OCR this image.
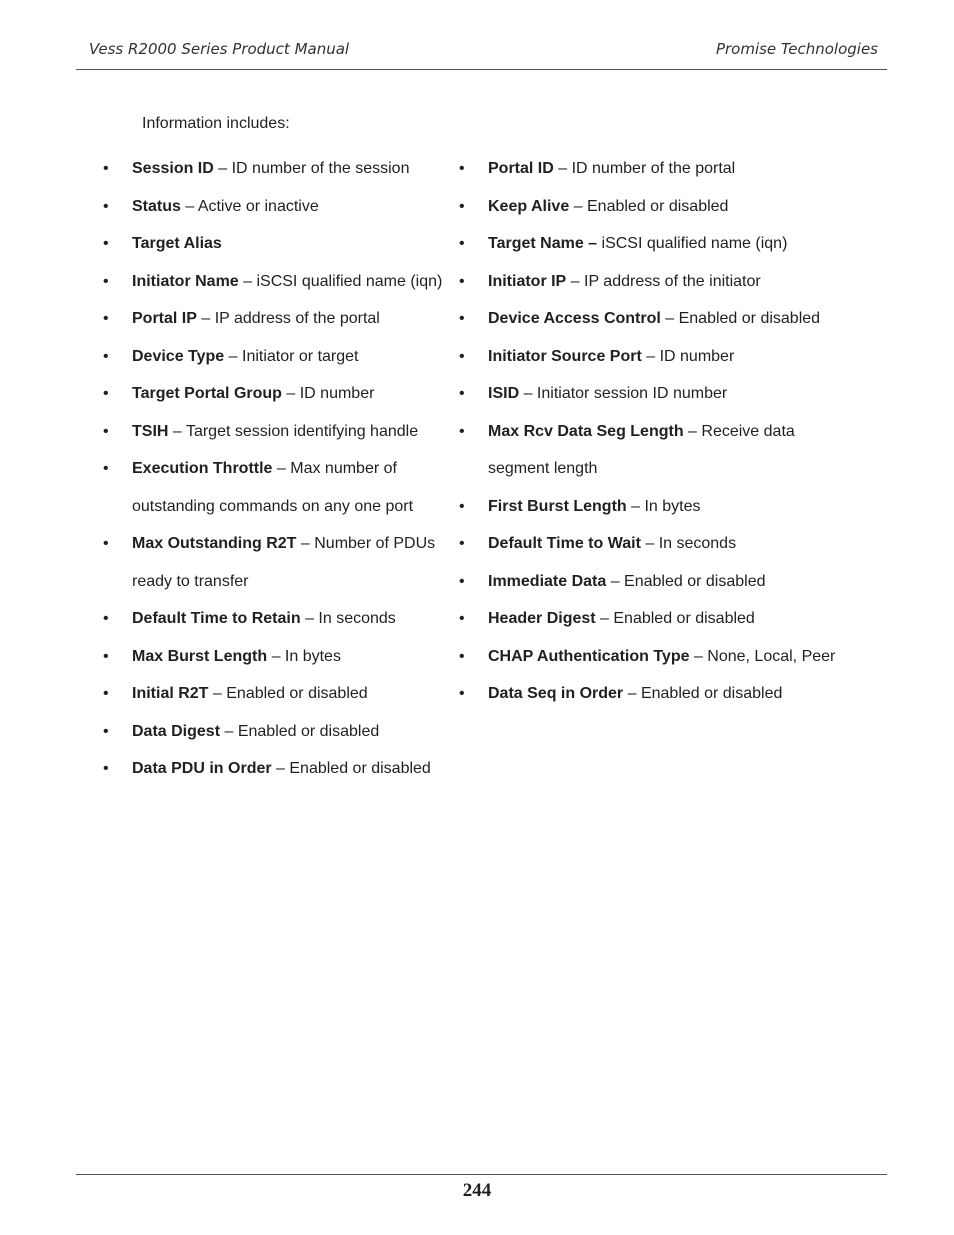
Vess R2000 Series Product Manual	Promise Technologies
Information includes:
• Session ID – ID number of the session
• Status – Active or inactive
• Target Alias
• Initiator Name – iSCSI qualified name (iqn)
• Portal IP – IP address of the portal
• Device Type – Initiator or target
• Target Portal Group – ID number
• TSIH – Target session identifying handle
• Execution Throttle – Max number of outstanding commands on any one port
• Max Outstanding R2T – Number of PDUs ready to transfer
• Default Time to Retain – In seconds
• Max Burst Length – In bytes
• Initial R2T – Enabled or disabled
• Data Digest – Enabled or disabled
• Data PDU in Order – Enabled or disabled
• Portal ID – ID number of the portal
• Keep Alive – Enabled or disabled
• Target Name – iSCSI qualified name (iqn)
• Initiator IP – IP address of the initiator
• Device Access Control – Enabled or disabled
• Initiator Source Port – ID number
• ISID – Initiator session ID number
• Max Rcv Data Seg Length – Receive data segment length
• First Burst Length – In bytes
• Default Time to Wait – In seconds
• Immediate Data – Enabled or disabled
• Header Digest – Enabled or disabled
• CHAP Authentication Type – None, Local, Peer
• Data Seq in Order – Enabled or disabled
244
